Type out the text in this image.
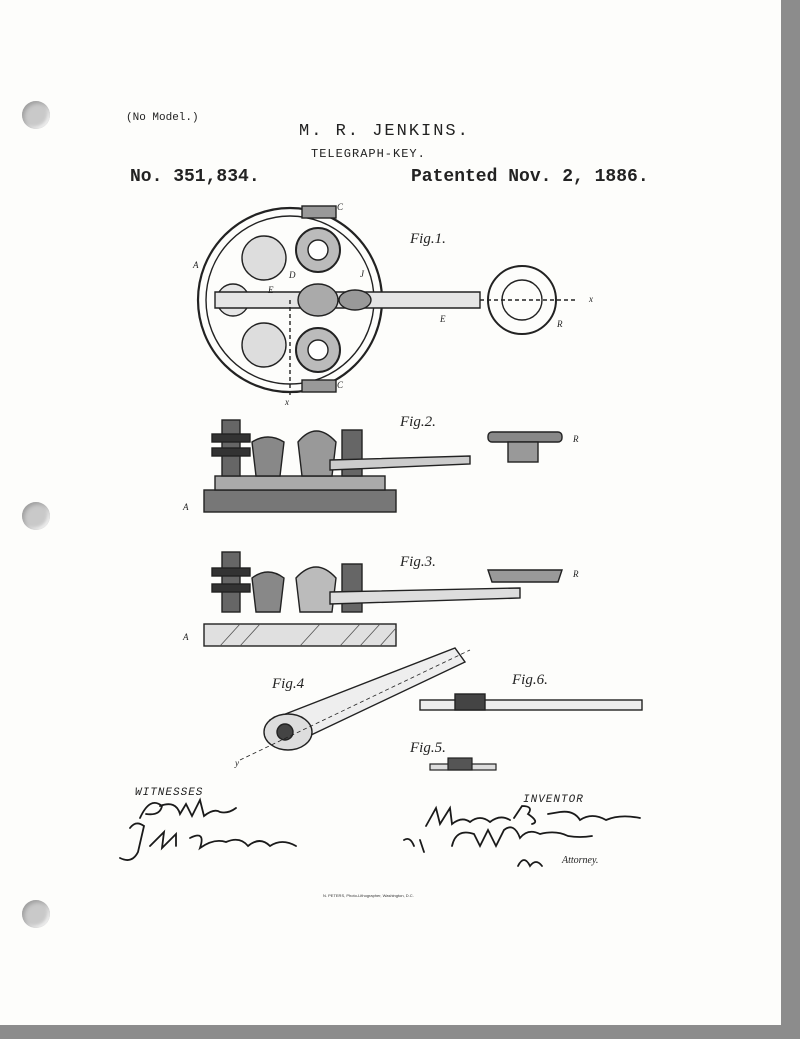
(No Model.)
M. R. JENKINS.
TELEGRAPH-KEY.
No. 351,834.	Patented Nov. 2, 1886.
Fig.1.
A
C
C
D	J
E
E	R
x
x
Fig.2.
R
A
Fig.3.
R
A
Fig.4
y
Fig.6.
Fig.5.
WITNESSES
INVENTOR
Attorney.
N. PETERS, Photo-Lithographer, Washington, D.C.
